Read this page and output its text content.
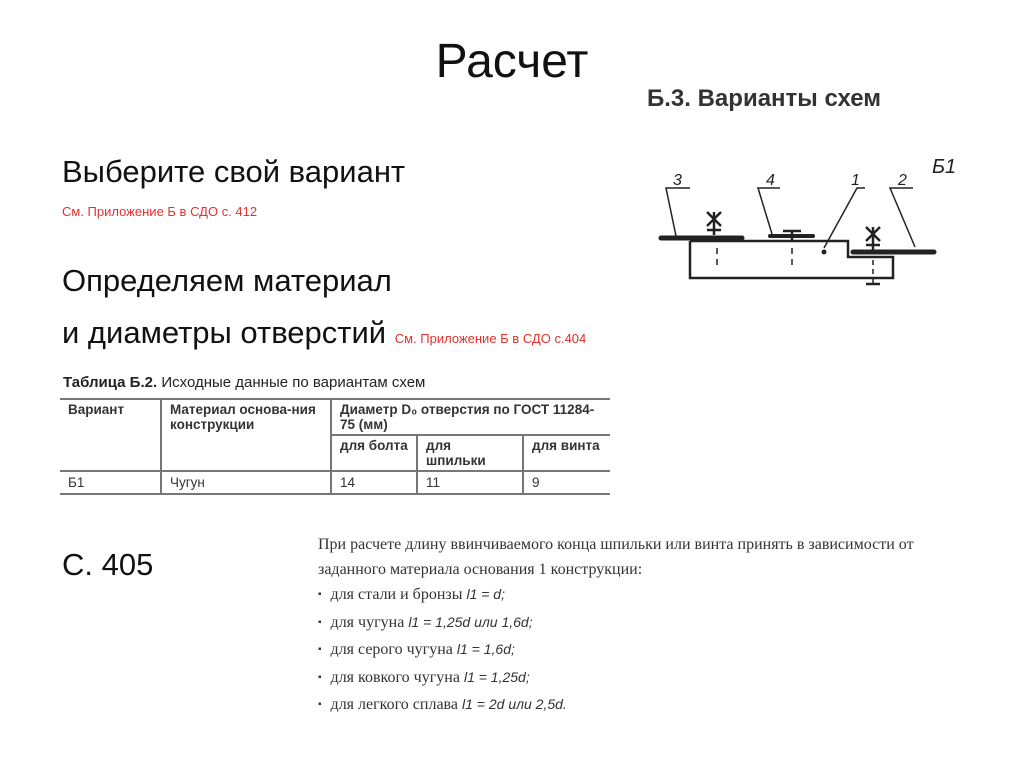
Расчет
Выберите свой вариант
См. Приложение Б в СДО с. 412
Определяем материал
и диаметры отверстий См. Приложение Б в СДО с.404
Б.3. Варианты схем
3	4	1 2
Б1
Таблица Б.2. Исходные данные по вариантам схем
Вариант	Материал основа-ния конструкции	Диаметр D₀ отверстия по ГОСТ 11284-75 (мм)		
		для болта	для шпильки	для винта
Б1	Чугун	14	11	9
С. 405
При расчете длину ввинчиваемого конца шпильки или винта принять в зависимости от заданного материала основания 1 конструкции:
▪ для стали и бронзы l1 = d;
▪ для чугуна l1 = 1,25d или 1,6d;
▪ для серого чугуна l1 = 1,6d;
▪ для ковкого чугуна l1 = 1,25d;
▪ для легкого сплава l1 = 2d или 2,5d.
